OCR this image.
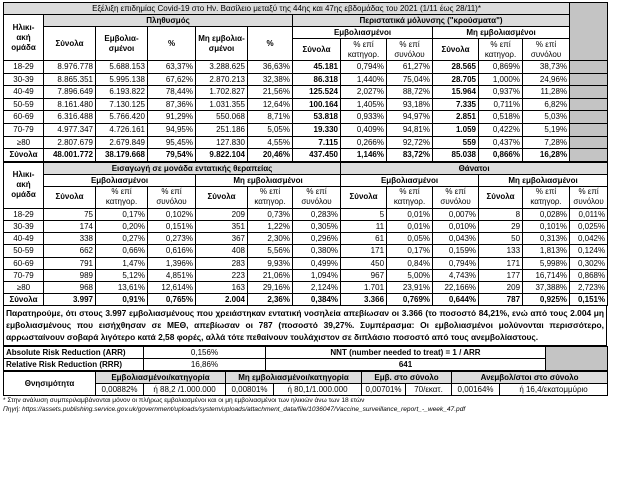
Εξέλιξη επιδημίας Covid-19 στο Ην. Βασίλειο μεταξύ της 44ης και 47ης εβδομάδας του 2021 (1/11 έως 28/11)*												
Ηλικι-ακή ομάδα	Πληθυσμός					Περιστατικά μόλυνσης ("κρούσματα")						
	Σύνολα	Εμβολια-σμένοι	%	Μη εμβολια-σμένοι	%	Εμβολιασμένοι			Μη εμβολιασμένοι			
						Σύνολα	% επί κατηγορ.	% επί συνόλου	Σύνολα	% επί κατηγορ.	% επί συνόλου	
18-29	8.976.778	5.688.153	63,37%	3.288.625	36,63%	45.181	0,794%	61,27%	28.565	0,869%	38,73%	
30-39	8.865.351	5.995.138	67,62%	2.870.213	32,38%	86.318	1,440%	75,04%	28.705	1,000%	24,96%	
40-49	7.896.649	6.193.822	78,44%	1.702.827	21,56%	125.524	2,027%	88,72%	15.964	0,937%	11,28%	
50-59	8.161.480	7.130.125	87,36%	1.031.355	12,64%	100.164	1,405%	93,18%	7.335	0,711%	6,82%	
60-69	6.316.488	5.766.420	91,29%	550.068	8,71%	53.818	0,933%	94,97%	2.851	0,518%	5,03%	
70-79	4.977.347	4.726.161	94,95%	251.186	5,05%	19.330	0,409%	94,81%	1.059	0,422%	5,19%	
≥80	2.807.679	2.679.849	95,45%	127.830	4,55%	7.115	0,266%	92,72%	559	0,437%	7,28%	
Σύνολα	48.001.772	38.179.668	79,54%	9.822.104	20,46%	437.450	1,146%	83,72%	85.038	0,866%	16,28%	
Ηλικι-ακή ομάδα	Εισαγωγή σε μονάδα εντατικής θεραπείας						Θάνατοι					
	Εμβολιασμένοι			Μη εμβολιασμένοι			Εμβολιασμένοι			Μη εμβολιασμένοι		
	Σύνολα	% επί κατηγορ.	% επί συνόλου	Σύνολα	% επί κατηγορ.	% επί συνόλου	Σύνολα	% επί κατηγορ.	% επί συνόλου	Σύνολα	% επί κατηγορ.	% επί συνόλου
18-29	75	0,17%	0,102%	209	0,73%	0,283%	5	0,01%	0,007%	8	0,028%	0,011%
30-39	174	0,20%	0,151%	351	1,22%	0,305%	11	0,01%	0,010%	29	0,101%	0,025%
40-49	338	0,27%	0,273%	367	2,30%	0,296%	61	0,05%	0,043%	50	0,313%	0,042%
50-59	662	0,66%	0,616%	408	5,56%	0,380%	171	0,17%	0,159%	133	1,813%	0,124%
60-69	791	1,47%	1,396%	283	9,93%	0,499%	450	0,84%	0,794%	171	5,998%	0,302%
70-79	989	5,12%	4,851%	223	21,06%	1,094%	967	5,00%	4,743%	177	16,714%	0,868%
≥80	968	13,61%	12,614%	163	29,16%	2,124%	1.701	23,91%	22,166%	209	37,388%	2,723%
Σύνολα	3.997	0,91%	0,765%	2.004	2,36%	0,384%	3.366	0,769%	0,644%	787	0,925%	0,151%
Παρατηρούμε, ότι στους 3.997 εμβολιασμένους που χρειάστηκαν εντατική νοσηλεία απεβίωσαν οι 3.366 (το ποσοστό 84,21%, ενώ από τους 2.004 μη εμβολιασμένους που εισήχθησαν σε ΜΕΘ, απεβίωσαν οι 787 (ποσοστό 39,27%. Συμπέρασμα: Οι εμβολιασμένοι μολύνονται περισσότερο, αρρωσταίνουν σοβαρά λιγότερο κατά 2,58 φορές, αλλά τότε πεθαίνουν τουλάχιστον σε διπλάσιο ποσοστό από τους ανεμβολίαστους.
Absolute Risk Reduction (ARR)	0,156%	NNT (number needed to treat) = 1 / ARR	
Relative Risk Reduction (RRR)	16,86%	641	
Θνησιμότητα	Εμβολιασμένοι/κατηγορία		Μη εμβολιασμένοι/κατηγορία		Εμβ. στο σύνολο		Ανεμβολ/στοι στο σύνολο	
	0,00882%	ή 88,2 /1.000.000	0,00801%	ή 80,1/1.000.000	0,00701%	70/εκατ.	0,00164%	ή 16,4/εκατομμύριο
* Στην ανάλυση συμπεριλαμβάνονται μόνον οι πλήρως εμβολιασμένοι και οι μη εμβολιασμένοι των ηλικιών άνω των 18 ετών
Πηγή: https://assets.publishing.service.gov.uk/government/uploads/system/uploads/attachment_data/file/1036047/Vaccine_surveillance_report_-_week_47.pdf
